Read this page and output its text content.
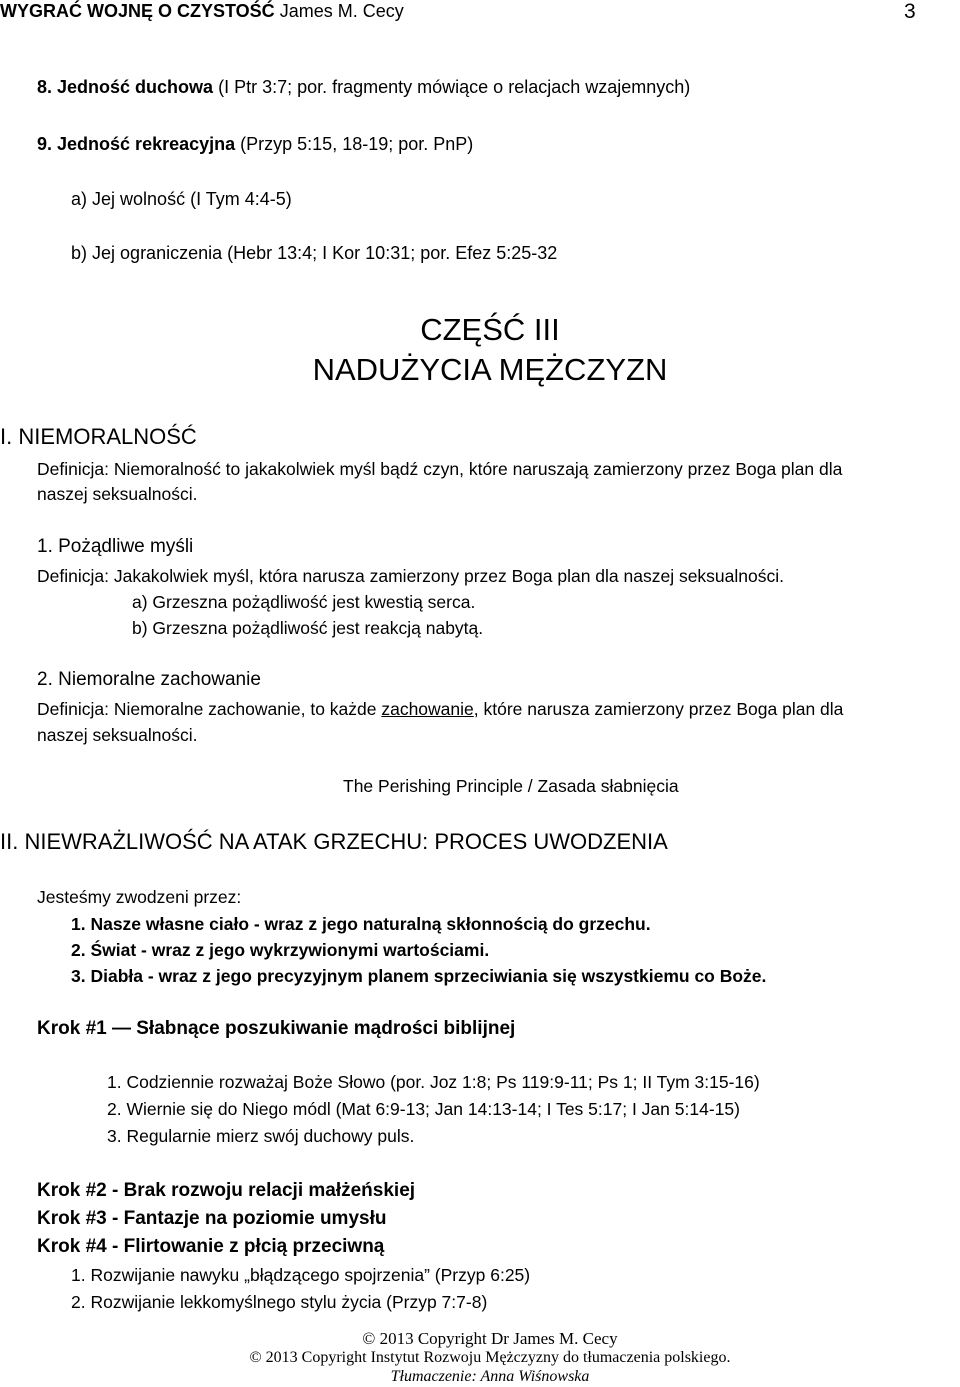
WYGRAĆ WOJNĘ O CZYSTOŚĆ James M. Cecy	3
8. Jedność duchowa (I Ptr 3:7; por. fragmenty mówiące o relacjach wzajemnych)
9. Jedność rekreacyjna (Przyp 5:15, 18-19; por. PnP)
a) Jej wolność (I Tym 4:4-5)
b) Jej ograniczenia (Hebr 13:4; I Kor 10:31; por. Efez 5:25-32
CZĘŚĆ III
NADUŻYCIA MĘŻCZYZN
I. NIEMORALNOŚĆ
Definicja: Niemoralność to jakakolwiek myśl bądź czyn, które naruszają zamierzony przez Boga plan dla
naszej seksualności.
1. Pożądliwe myśli
Definicja: Jakakolwiek myśl, która narusza zamierzony przez Boga plan dla naszej seksualności.
a) Grzeszna pożądliwość jest kwestią serca.
b) Grzeszna pożądliwość jest reakcją nabytą.
2. Niemoralne zachowanie
Definicja: Niemoralne zachowanie, to każde zachowanie, które narusza zamierzony przez Boga plan dla
naszej seksualności.
The Perishing Principle / Zasada słabnięcia
II. NIEWRAŻLIWOŚĆ NA ATAK GRZECHU: PROCES UWODZENIA
Jesteśmy zwodzeni przez:
1. Nasze własne ciało - wraz z jego naturalną skłonnością do grzechu.
2. Świat - wraz z jego wykrzywionymi wartościami.
3. Diabła - wraz z jego precyzyjnym planem sprzeciwiania się wszystkiemu co Boże.
Krok #1 — Słabnące poszukiwanie mądrości biblijnej
1. Codziennie rozważaj Boże Słowo (por. Joz 1:8; Ps 119:9-11; Ps 1; II Tym 3:15-16)
2. Wiernie się do Niego módl (Mat 6:9-13; Jan 14:13-14; I Tes 5:17; I Jan 5:14-15)
3. Regularnie mierz swój duchowy puls.
Krok #2 - Brak rozwoju relacji małżeńskiej
Krok #3 - Fantazje na poziomie umysłu
Krok #4 - Flirtowanie z płcią przeciwną
1. Rozwijanie nawyku „błądzącego spojrzenia” (Przyp 6:25)
2. Rozwijanie lekkomyślnego stylu życia (Przyp 7:7-8)
© 2013 Copyright Dr James M. Cecy
© 2013 Copyright Instytut Rozwoju Mężczyzny do tłumaczenia polskiego.
Tłumaczenie: Anna Wiśnowska
